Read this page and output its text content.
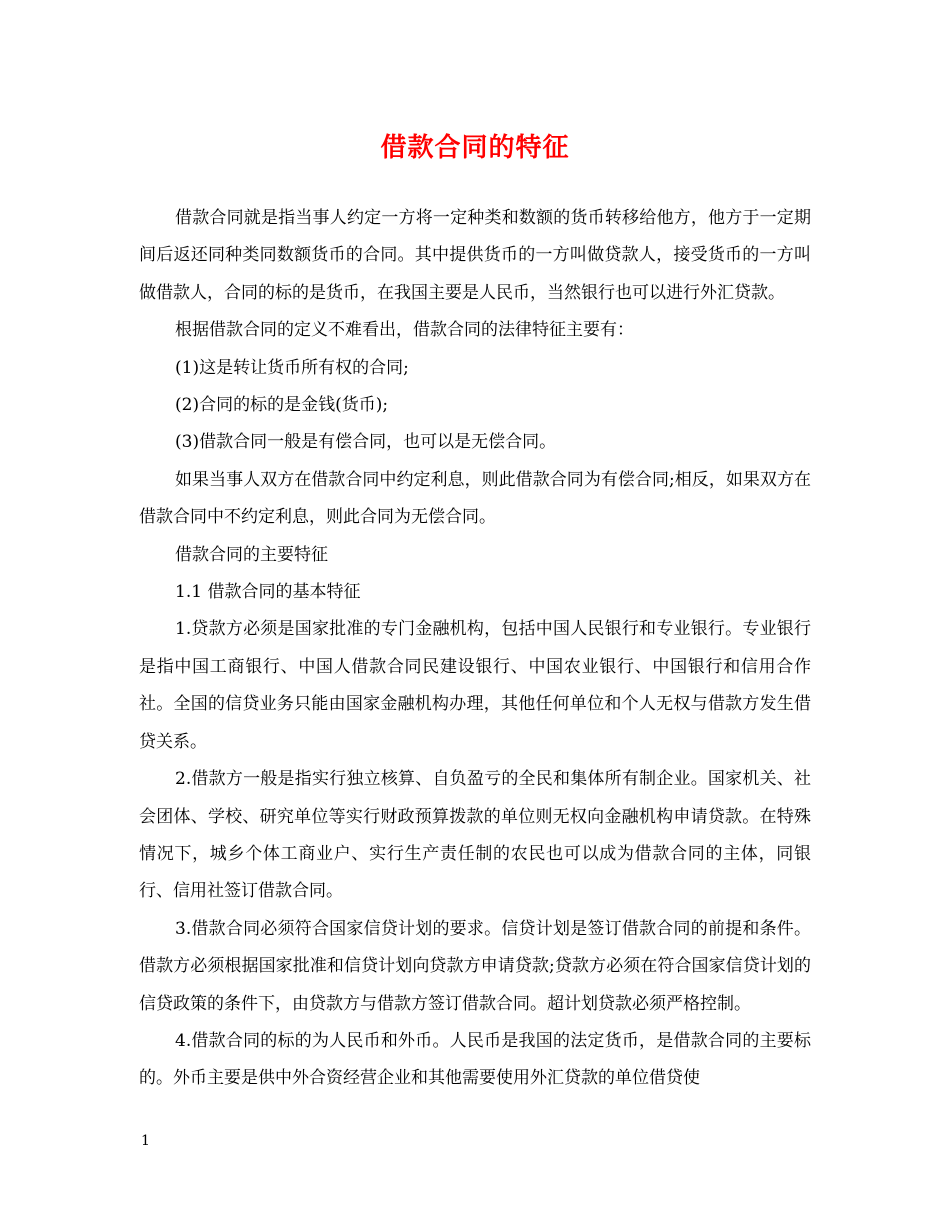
借款合同的特征

借款合同就是指当事人约定一方将一定种类和数额的货币转移给他方，他方于一定期间后返还同种类同数额货币的合同。其中提供货币的一方叫做贷款人，接受货币的一方叫做借款人，合同的标的是货币，在我国主要是人民币，当然银行也可以进行外汇贷款。

根据借款合同的定义不难看出，借款合同的法律特征主要有：

(1)这是转让货币所有权的合同;

(2)合同的标的是金钱(货币);

(3)借款合同一般是有偿合同，也可以是无偿合同。

如果当事人双方在借款合同中约定利息，则此借款合同为有偿合同;相反，如果双方在借款合同中不约定利息，则此合同为无偿合同。

借款合同的主要特征

1.1 借款合同的基本特征

1.贷款方必须是国家批准的专门金融机构，包括中国人民银行和专业银行。专业银行是指中国工商银行、中国人借款合同民建设银行、中国农业银行、中国银行和信用合作社。全国的信贷业务只能由国家金融机构办理，其他任何单位和个人无权与借款方发生借贷关系。

2.借款方一般是指实行独立核算、自负盈亏的全民和集体所有制企业。国家机关、社会团体、学校、研究单位等实行财政预算拨款的单位则无权向金融机构申请贷款。在特殊情况下，城乡个体工商业户、实行生产责任制的农民也可以成为借款合同的主体，同银行、信用社签订借款合同。

3.借款合同必须符合国家信贷计划的要求。信贷计划是签订借款合同的前提和条件。借款方必须根据国家批准和信贷计划向贷款方申请贷款;贷款方必须在符合国家信贷计划的信贷政策的条件下，由贷款方与借款方签订借款合同。超计划贷款必须严格控制。

4.借款合同的标的为人民币和外币。人民币是我国的法定货币，是借款合同的主要标的。外币主要是供中外合资经营企业和其他需要使用外汇贷款的单位借贷使

1
